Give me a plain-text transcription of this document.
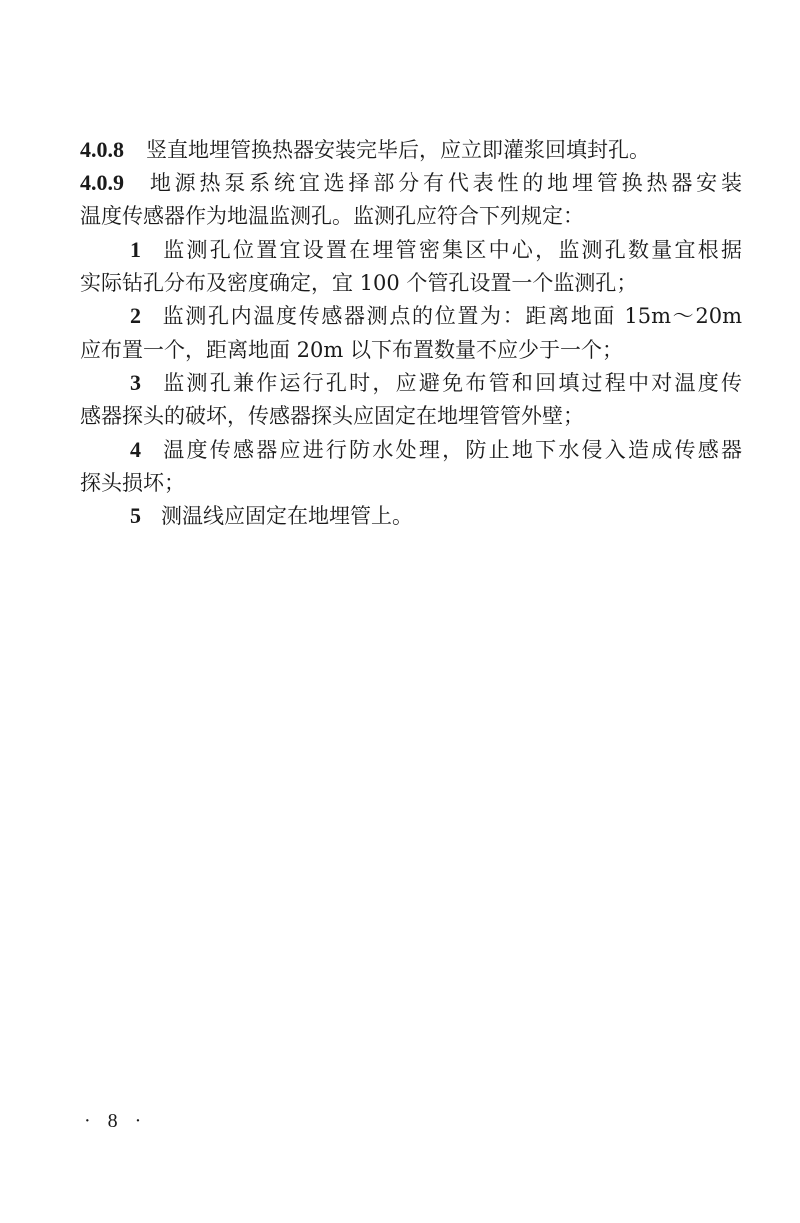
4.0.8 竖直地埋管换热器安装完毕后，应立即灌浆回填封孔。
4.0.9 地源热泵系统宜选择部分有代表性的地埋管换热器安装
温度传感器作为地温监测孔。监测孔应符合下列规定：
1 监测孔位置宜设置在埋管密集区中心，监测孔数量宜根据
实际钻孔分布及密度确定，宜 100 个管孔设置一个监测孔；
2 监测孔内温度传感器测点的位置为：距离地面 15m～20m
应布置一个，距离地面 20m 以下布置数量不应少于一个；
3 监测孔兼作运行孔时，应避免布管和回填过程中对温度传
感器探头的破坏，传感器探头应固定在地埋管管外壁；
4 温度传感器应进行防水处理，防止地下水侵入造成传感器
探头损坏；
5 测温线应固定在地埋管上。
· 8 ·
